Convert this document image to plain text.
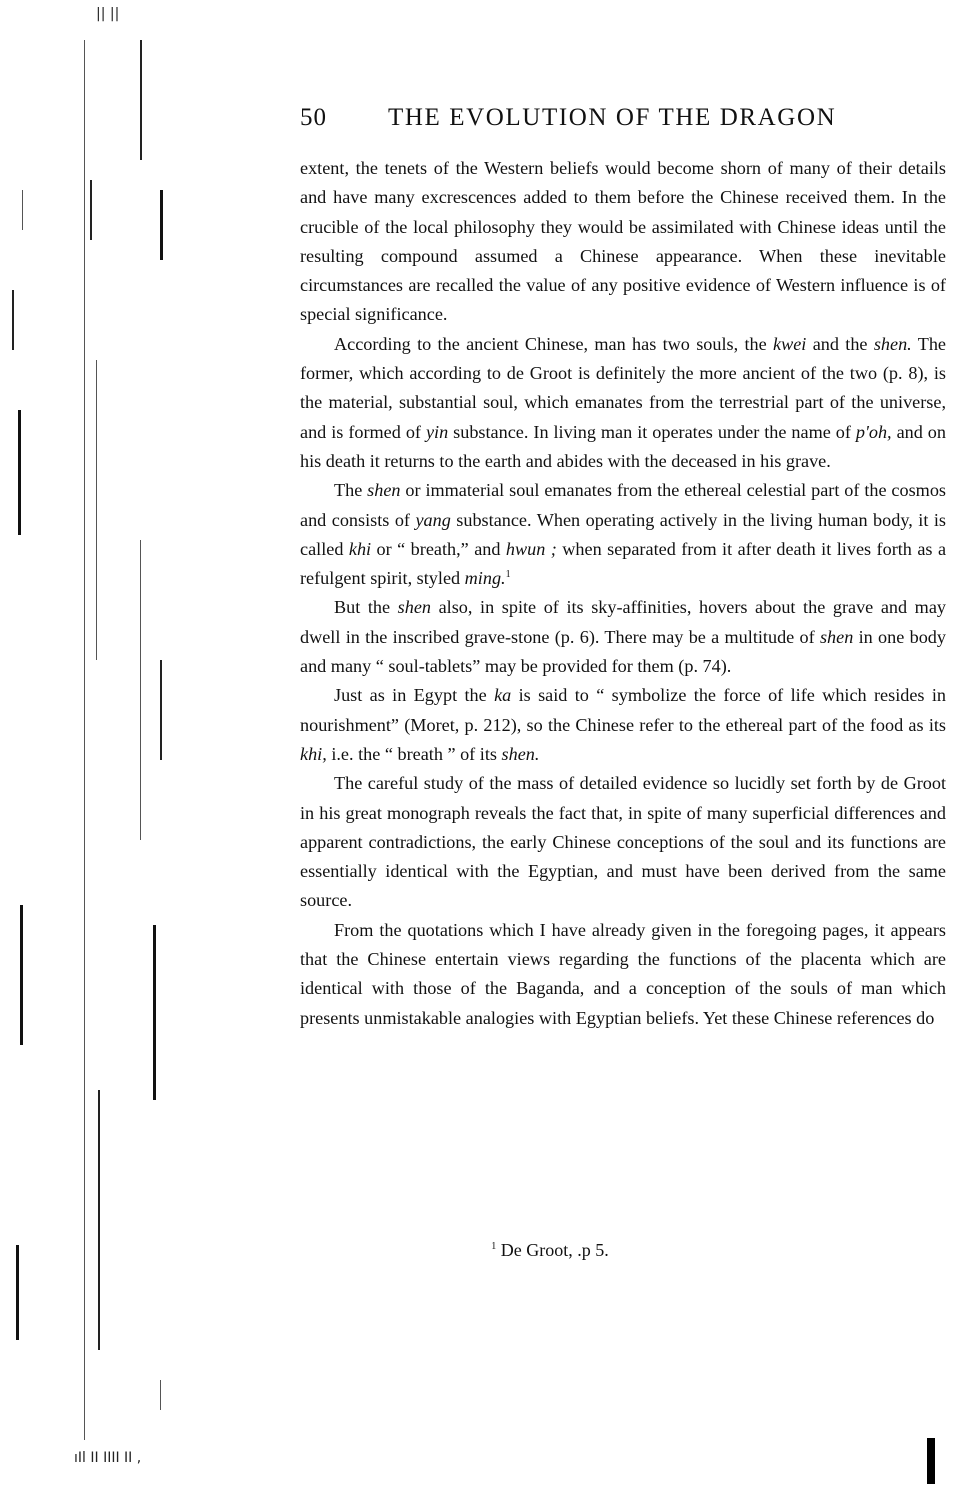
|| ||
ıIl II IIII II ,
50 THE EVOLUTION OF THE DRAGON

extent, the tenets of the Western beliefs would become shorn of many of their details and have many excrescences added to them before the Chinese received them. In the crucible of the local philosophy they would be assimilated with Chinese ideas until the resulting compound assumed a Chinese appearance. When these inevitable circumstances are recalled the value of any positive evidence of Western influence is of special significance.

According to the ancient Chinese, man has two souls, the kwei and the shen. The former, which according to de Groot is definitely the more ancient of the two (p. 8), is the material, substantial soul, which emanates from the terrestrial part of the universe, and is formed of yin substance. In living man it operates under the name of p'oh, and on his death it returns to the earth and abides with the deceased in his grave.

The shen or immaterial soul emanates from the ethereal celestial part of the cosmos and consists of yang substance. When operating actively in the living human body, it is called khi or “ breath,” and hwun ; when separated from it after death it lives forth as a refulgent spirit, styled ming.$^1$

But the shen also, in spite of its sky-affinities, hovers about the grave and may dwell in the inscribed grave-stone (p. 6). There may be a multitude of shen in one body and many “ soul-tablets” may be provided for them (p. 74).

Just as in Egypt the ka is said to “ symbolize the force of life which resides in nourishment” (Moret, p. 212), so the Chinese refer to the ethereal part of the food as its khi, i.e. the “ breath ” of its shen.

The careful study of the mass of detailed evidence so lucidly set forth by de Groot in his great monograph reveals the fact that, in spite of many superficial differences and apparent contradictions, the early Chinese conceptions of the soul and its functions are essentially identical with the Egyptian, and must have been derived from the same source.

From the quotations which I have already given in the foregoing pages, it appears that the Chinese entertain views regarding the functions of the placenta which are identical with those of the Baganda, and a conception of the souls of man which presents unmistakable analogies with Egyptian beliefs. Yet these Chinese references do

$^1$ De Groot, .p 5.
